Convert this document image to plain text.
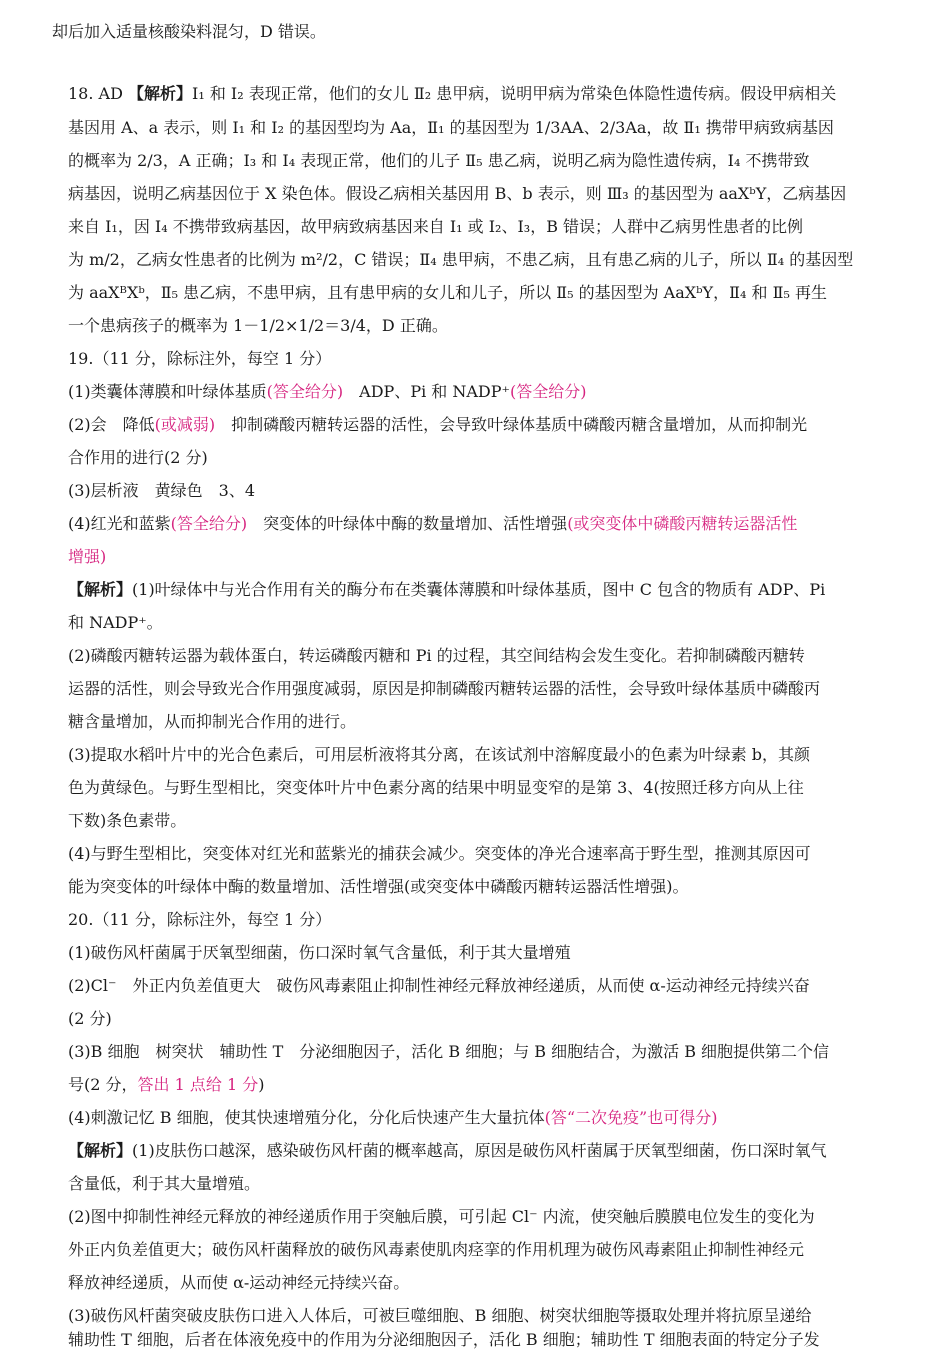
却后加入适量核酸染料混匀，D 错误。
18. AD 【解析】Ⅰ₁ 和 Ⅰ₂ 表现正常，他们的女儿 Ⅱ₂ 患甲病，说明甲病为常染色体隐性遗传病。假设甲病相关
基因用 A、a 表示，则 Ⅰ₁ 和 Ⅰ₂ 的基因型均为 Aa，Ⅱ₁ 的基因型为 1/3AA、2/3Aa，故 Ⅱ₁ 携带甲病致病基因
的概率为 2/3，A 正确；Ⅰ₃ 和 Ⅰ₄ 表现正常，他们的儿子 Ⅱ₅ 患乙病，说明乙病为隐性遗传病，Ⅰ₄ 不携带致
病基因，说明乙病基因位于 X 染色体。假设乙病相关基因用 B、b 表示，则 Ⅲ₃ 的基因型为 aaXᵇY，乙病基因
来自 Ⅰ₁，因 Ⅰ₄ 不携带致病基因，故甲病致病基因来自 Ⅰ₁ 或 Ⅰ₂、Ⅰ₃，B 错误；人群中乙病男性患者的比例
为 m/2，乙病女性患者的比例为 m²/2，C 错误；Ⅱ₄ 患甲病，不患乙病，且有患乙病的儿子，所以 Ⅱ₄ 的基因型
为 aaXᴮXᵇ，Ⅱ₅ 患乙病，不患甲病，且有患甲病的女儿和儿子，所以 Ⅱ₅ 的基因型为 AaXᵇY，Ⅱ₄ 和 Ⅱ₅ 再生
一个患病孩子的概率为 1－1/2×1/2＝3/4，D 正确。
19.（11 分，除标注外，每空 1 分）
(1)类囊体薄膜和叶绿体基质(答全给分)　ADP、Pi 和 NADP⁺(答全给分)
(2)会　降低(或减弱)　抑制磷酸丙糖转运器的活性，会导致叶绿体基质中磷酸丙糖含量增加，从而抑制光
合作用的进行(2 分)
(3)层析液　黄绿色　3、4
(4)红光和蓝紫(答全给分)　突变体的叶绿体中酶的数量增加、活性增强(或突变体中磷酸丙糖转运器活性
增强)
【解析】(1)叶绿体中与光合作用有关的酶分布在类囊体薄膜和叶绿体基质，图中 C 包含的物质有 ADP、Pi
和 NADP⁺。
(2)磷酸丙糖转运器为载体蛋白，转运磷酸丙糖和 Pi 的过程，其空间结构会发生变化。若抑制磷酸丙糖转
运器的活性，则会导致光合作用强度减弱，原因是抑制磷酸丙糖转运器的活性，会导致叶绿体基质中磷酸丙
糖含量增加，从而抑制光合作用的进行。
(3)提取水稻叶片中的光合色素后，可用层析液将其分离，在该试剂中溶解度最小的色素为叶绿素 b，其颜
色为黄绿色。与野生型相比，突变体叶片中色素分离的结果中明显变窄的是第 3、4(按照迁移方向从上往
下数)条色素带。
(4)与野生型相比，突变体对红光和蓝紫光的捕获会减少。突变体的净光合速率高于野生型，推测其原因可
能为突变体的叶绿体中酶的数量增加、活性增强(或突变体中磷酸丙糖转运器活性增强)。
20.（11 分，除标注外，每空 1 分）
(1)破伤风杆菌属于厌氧型细菌，伤口深时氧气含量低，利于其大量增殖
(2)Cl⁻　外正内负差值更大　破伤风毒素阻止抑制性神经元释放神经递质，从而使 α-运动神经元持续兴奋
(2 分)
(3)B 细胞　树突状　辅助性 T　分泌细胞因子，活化 B 细胞；与 B 细胞结合，为激活 B 细胞提供第二个信
号(2 分，答出 1 点给 1 分)
(4)刺激记忆 B 细胞，使其快速增殖分化，分化后快速产生大量抗体(答“二次免疫”也可得分)
【解析】(1)皮肤伤口越深，感染破伤风杆菌的概率越高，原因是破伤风杆菌属于厌氧型细菌，伤口深时氧气
含量低，利于其大量增殖。
(2)图中抑制性神经元释放的神经递质作用于突触后膜，可引起 Cl⁻ 内流，使突触后膜膜电位发生的变化为
外正内负差值更大；破伤风杆菌释放的破伤风毒素使肌肉痉挛的作用机理为破伤风毒素阻止抑制性神经元
释放神经递质，从而使 α-运动神经元持续兴奋。
(3)破伤风杆菌突破皮肤伤口进入人体后，可被巨噬细胞、B 细胞、树突状细胞等摄取处理并将抗原呈递给
辅助性 T 细胞，后者在体液免疫中的作用为分泌细胞因子，活化 B 细胞；辅助性 T 细胞表面的特定分子发
